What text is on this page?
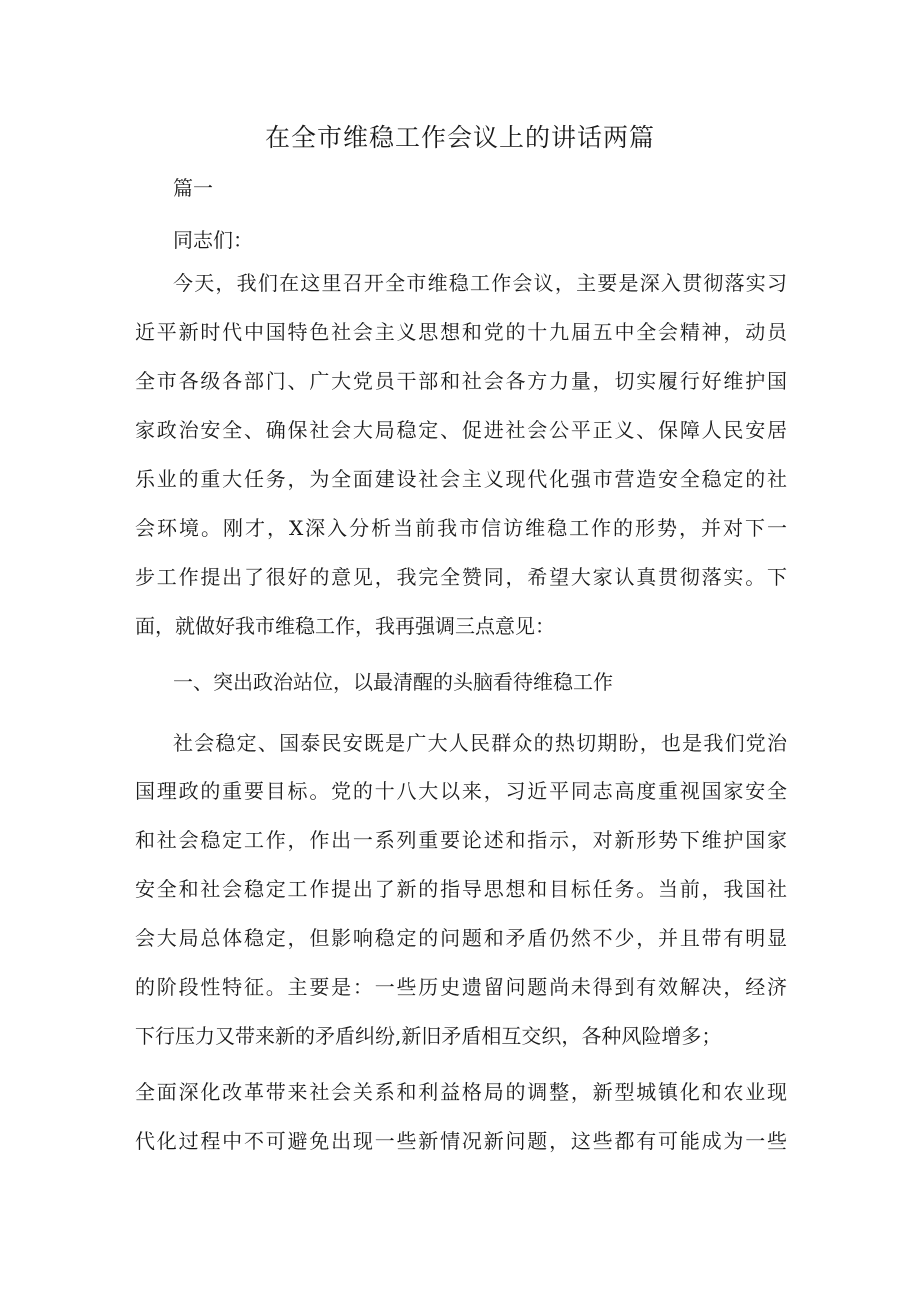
在全市维稳工作会议上的讲话两篇

篇一

同志们：

今天，我们在这里召开全市维稳工作会议，主要是深入贯彻落实习

近平新时代中国特色社会主义思想和党的十九届五中全会精神，动员

全市各级各部门、广大党员干部和社会各方力量，切实履行好维护国

家政治安全、确保社会大局稳定、促进社会公平正义、保障人民安居

乐业的重大任务，为全面建设社会主义现代化强市营造安全稳定的社

会环境。刚才，X深入分析当前我市信访维稳工作的形势，并对下一

步工作提出了很好的意见，我完全赞同，希望大家认真贯彻落实。下

面，就做好我市维稳工作，我再强调三点意见：

一、突出政治站位，以最清醒的头脑看待维稳工作

社会稳定、国泰民安既是广大人民群众的热切期盼，也是我们党治

国理政的重要目标。党的十八大以来，习近平同志高度重视国家安全

和社会稳定工作，作出一系列重要论述和指示，对新形势下维护国家

安全和社会稳定工作提出了新的指导思想和目标任务。当前，我国社

会大局总体稳定，但影响稳定的问题和矛盾仍然不少，并且带有明显

的阶段性特征。主要是：一些历史遗留问题尚未得到有效解决，经济

下行压力又带来新的矛盾纠纷,新旧矛盾相互交织，各种风险增多；

全面深化改革带来社会关系和利益格局的调整，新型城镇化和农业现

代化过程中不可避免出现一些新情况新问题，这些都有可能成为一些
